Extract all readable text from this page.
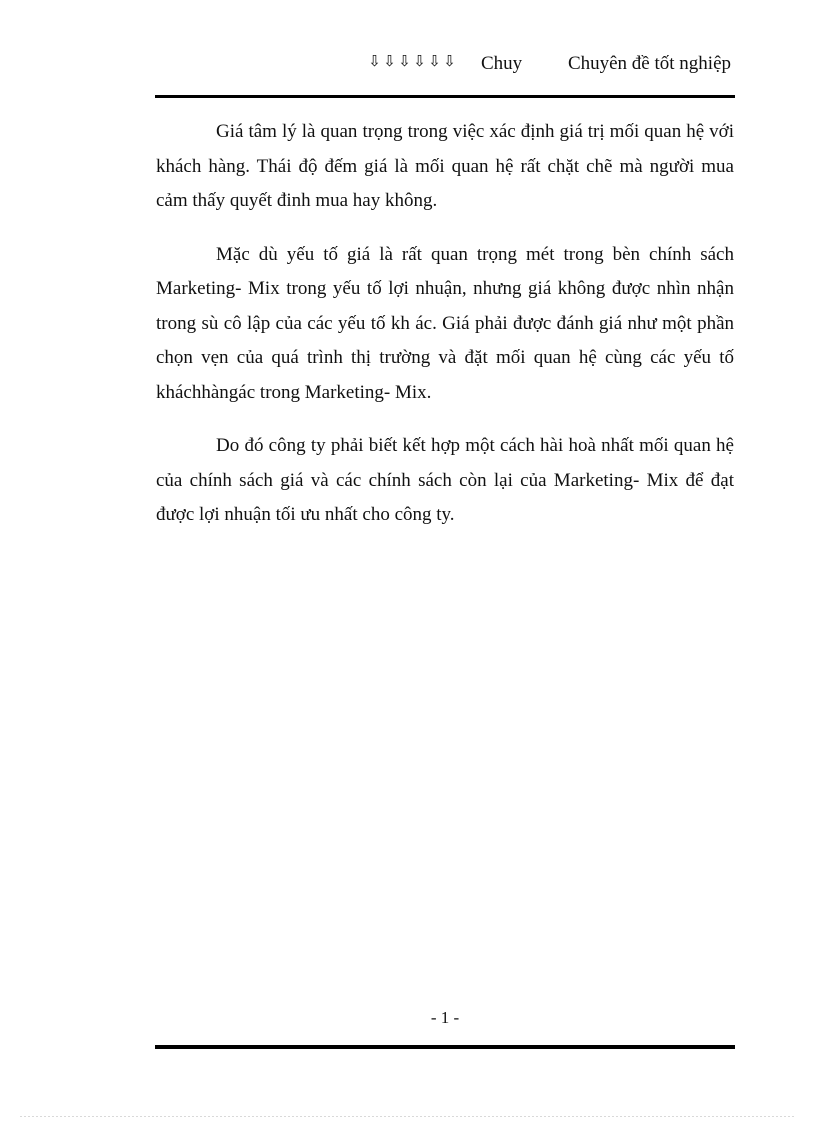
⇩ ⇩ ⇩ ⇩ ⇩ ⇩ Chuy Chuyên đề tốt nghiệp

Giá tâm lý là quan trọng trong việc xác định giá trị mối quan hệ với khách hàng. Thái độ đếm giá là mối quan hệ rất chặt chẽ mà người mua cảm thấy quyết đinh mua hay không.

Mặc dù yếu tố giá là rất quan trọng mét trong bèn chính sách Marketing- Mix trong yếu tố lợi nhuận, nhưng giá không được nhìn nhận trong sù cô lập của các yếu tố kh ác. Giá phải được đánh giá như một phần chọn vẹn của quá trình thị trường và đặt mối quan hệ cùng các yếu tố kháchhàngác trong Marketing- Mix.

Do đó công ty phải biết kết hợp một cách hài hoà nhất mối quan hệ của chính sách giá và các chính sách còn lại của Marketing- Mix để đạt được lợi nhuận tối ưu nhất cho công ty.

- 1 -
